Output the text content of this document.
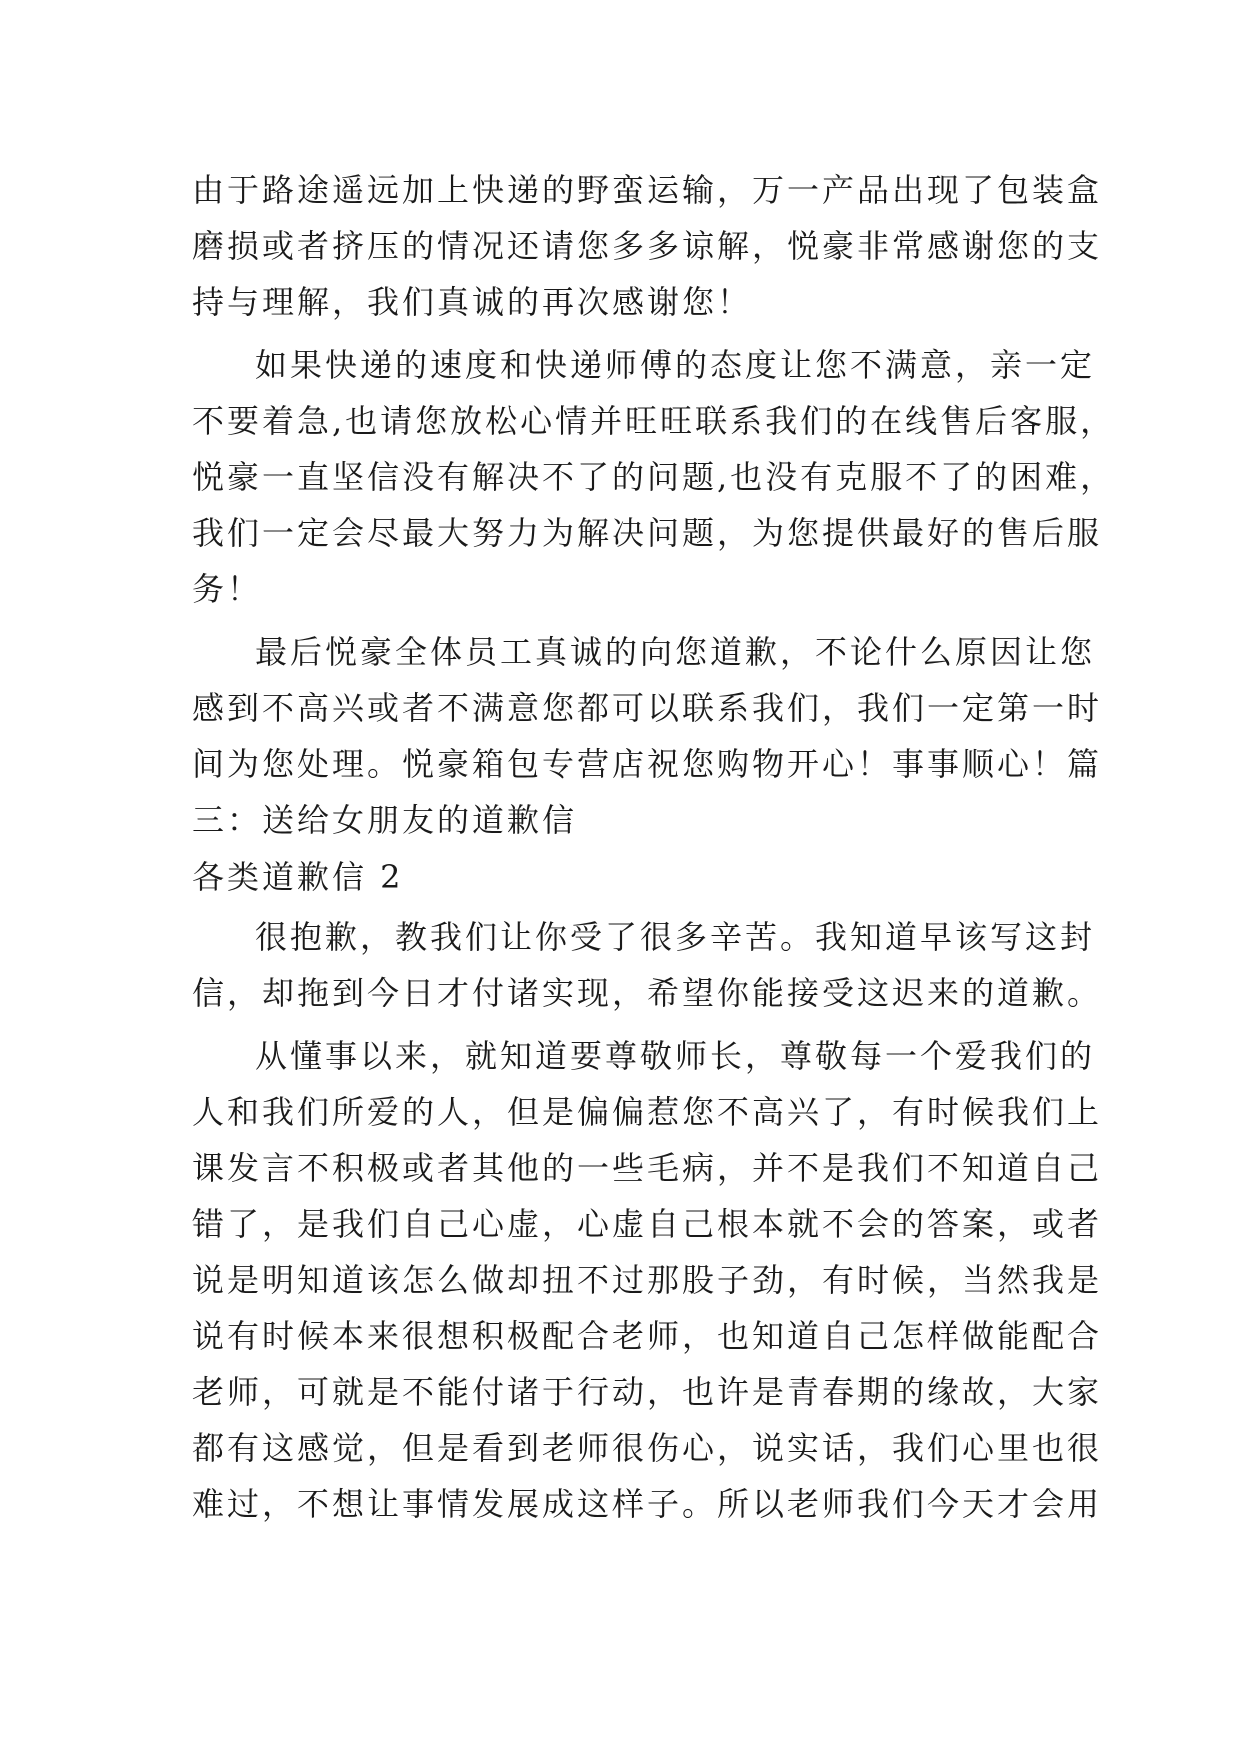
由于路途遥远加上快递的野蛮运输，万一产品出现了包装盒
磨损或者挤压的情况还请您多多谅解，悦豪非常感谢您的支
持与理解，我们真诚的再次感谢您！
如果快递的速度和快递师傅的态度让您不满意，亲一定
不要着急,也请您放松心情并旺旺联系我们的在线售后客服，
悦豪一直坚信没有解决不了的问题,也没有克服不了的困难，
我们一定会尽最大努力为解决问题，为您提供最好的售后服
务！
最后悦豪全体员工真诚的向您道歉，不论什么原因让您
感到不高兴或者不满意您都可以联系我们，我们一定第一时
间为您处理。悦豪箱包专营店祝您购物开心！事事顺心！篇
三：送给女朋友的道歉信
各类道歉信 2
很抱歉，教我们让你受了很多辛苦。我知道早该写这封
信，却拖到今日才付诸实现，希望你能接受这迟来的道歉。
从懂事以来，就知道要尊敬师长，尊敬每一个爱我们的
人和我们所爱的人，但是偏偏惹您不高兴了，有时候我们上
课发言不积极或者其他的一些毛病，并不是我们不知道自己
错了，是我们自己心虚，心虚自己根本就不会的答案，或者
说是明知道该怎么做却扭不过那股子劲，有时候，当然我是
说有时候本来很想积极配合老师，也知道自己怎样做能配合
老师，可就是不能付诸于行动，也许是青春期的缘故，大家
都有这感觉，但是看到老师很伤心，说实话，我们心里也很
难过，不想让事情发展成这样子。所以老师我们今天才会用
